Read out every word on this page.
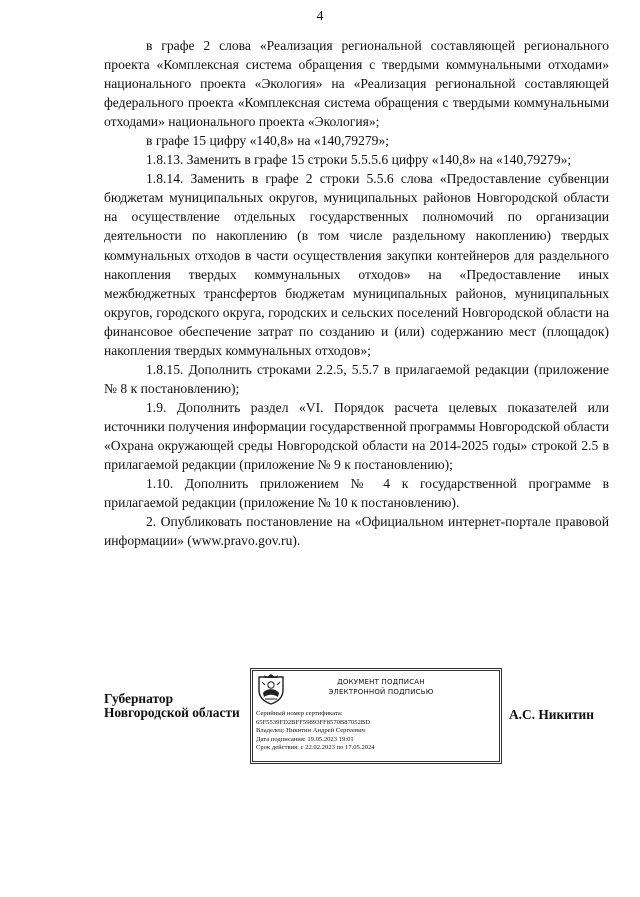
4

в графе 2 слова «Реализация региональной составляющей регионального проекта «Комплексная система обращения с твердыми коммунальными отходами» национального проекта «Экология» на «Реализация региональной составляющей федерального проекта «Комплексная система обращения с твердыми коммунальными отходами» национального проекта «Экология»;

в графе 15 цифру «140,8» на «140,79279»;

1.8.13. Заменить в графе 15 строки 5.5.5.6 цифру «140,8» на «140,79279»;

1.8.14. Заменить в графе 2 строки 5.5.6 слова «Предоставление субвенции бюджетам муниципальных округов, муниципальных районов Новгородской области на осуществление отдельных государственных полномочий по организации деятельности по накоплению (в том числе раздельному накоплению) твердых коммунальных отходов в части осуществления закупки контейнеров для раздельного накопления твердых коммунальных отходов» на «Предоставление иных межбюджетных трансфертов бюджетам муниципальных районов, муниципальных округов, городского округа, городских и сельских поселений Новгородской области на финансовое обеспечение затрат по созданию и (или) содержанию мест (площадок) накопления твердых коммунальных отходов»;

1.8.15. Дополнить строками 2.2.5, 5.5.7 в прилагаемой редакции (приложение № 8 к постановлению);

1.9. Дополнить раздел «VI. Порядок расчета целевых показателей или источники получения информации государственной программы Новгородской области «Охрана окружающей среды Новгородской области на 2014-2025 годы» строкой 2.5 в прилагаемой редакции (приложение № 9 к постановлению);

1.10. Дополнить приложением № 4 к государственной программе в прилагаемой редакции (приложение № 10 к постановлению).

2. Опубликовать постановление на «Официальном интернет-портале правовой информации» (www.pravo.gov.ru).

Губернатор
Новгородской области
ДОКУМЕНТ ПОДПИСАН
ЭЛЕКТРОННОЙ ПОДПИСЬЮ
Серийный номер сертификата:
65F5539FD2BFF59893FF8570B87052BD
Владелец: Никитин Андрей Сергеевич
Дата подписания: 19.05.2023 19:01
Срок действия: с 22.02.2023 по 17.05.2024
А.С. Никитин
